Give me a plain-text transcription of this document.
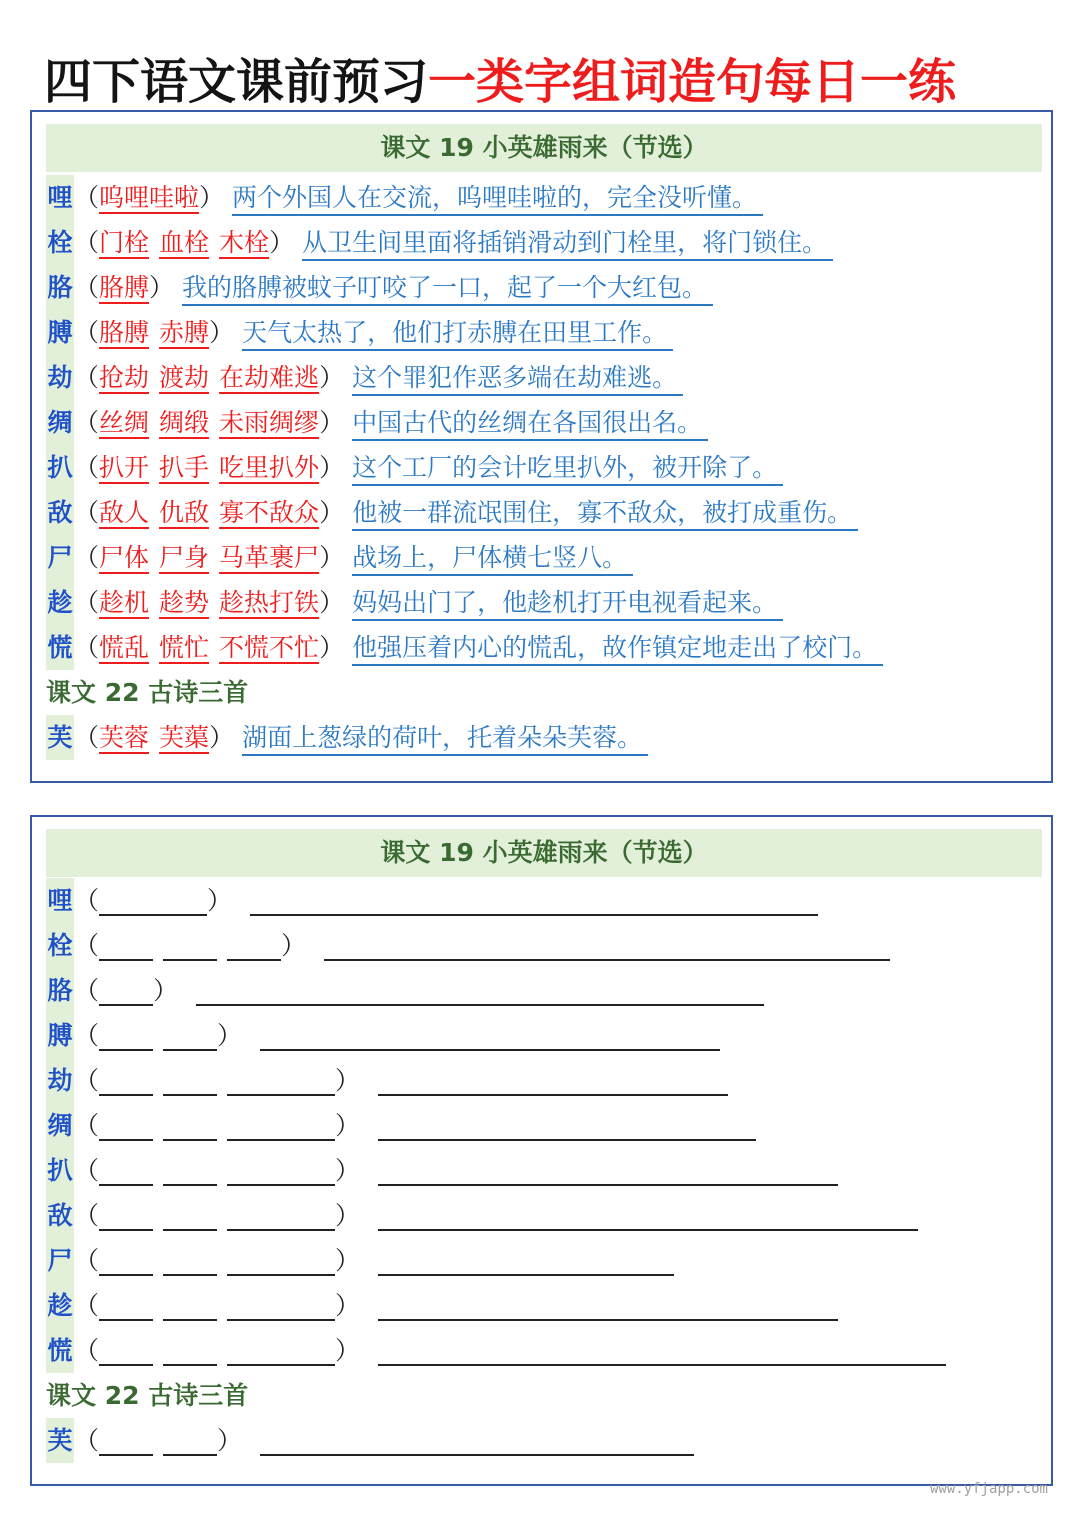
四下语文课前预习一类字组词造句每日一练
课文 19 小英雄雨来（节选）
哩（呜哩哇啦） 两个外国人在交流，呜哩哇啦的，完全没听懂。
栓（门栓 血栓 木栓） 从卫生间里面将插销滑动到门栓里，将门锁住。
胳（胳膊） 我的胳膊被蚊子叮咬了一口，起了一个大红包。
膊（胳膊 赤膊） 天气太热了，他们打赤膊在田里工作。
劫（抢劫 渡劫 在劫难逃） 这个罪犯作恶多端在劫难逃。
绸（丝绸 绸缎 未雨绸缪） 中国古代的丝绸在各国很出名。
扒（扒开 扒手 吃里扒外） 这个工厂的会计吃里扒外，被开除了。
敌（敌人 仇敌 寡不敌众） 他被一群流氓围住，寡不敌众，被打成重伤。
尸（尸体 尸身 马革裹尸） 战场上，尸体横七竖八。
趁（趁机 趁势 趁热打铁） 妈妈出门了，他趁机打开电视看起来。
慌（慌乱 慌忙 不慌不忙） 他强压着内心的慌乱，故作镇定地走出了校门。
课文 22 古诗三首
芙（芙蓉 芙蕖） 湖面上葱绿的荷叶，托着朵朵芙蓉。
课文 19 小英雄雨来（节选）
哩（	）
栓（	）
胳（ ）
膊（	）
劫（	）
绸（	）
扒（	）
敌（	）
尸（	）
趁（	）
慌（	）
课文 22 古诗三首
芙（	）
www.yfjapp.com
